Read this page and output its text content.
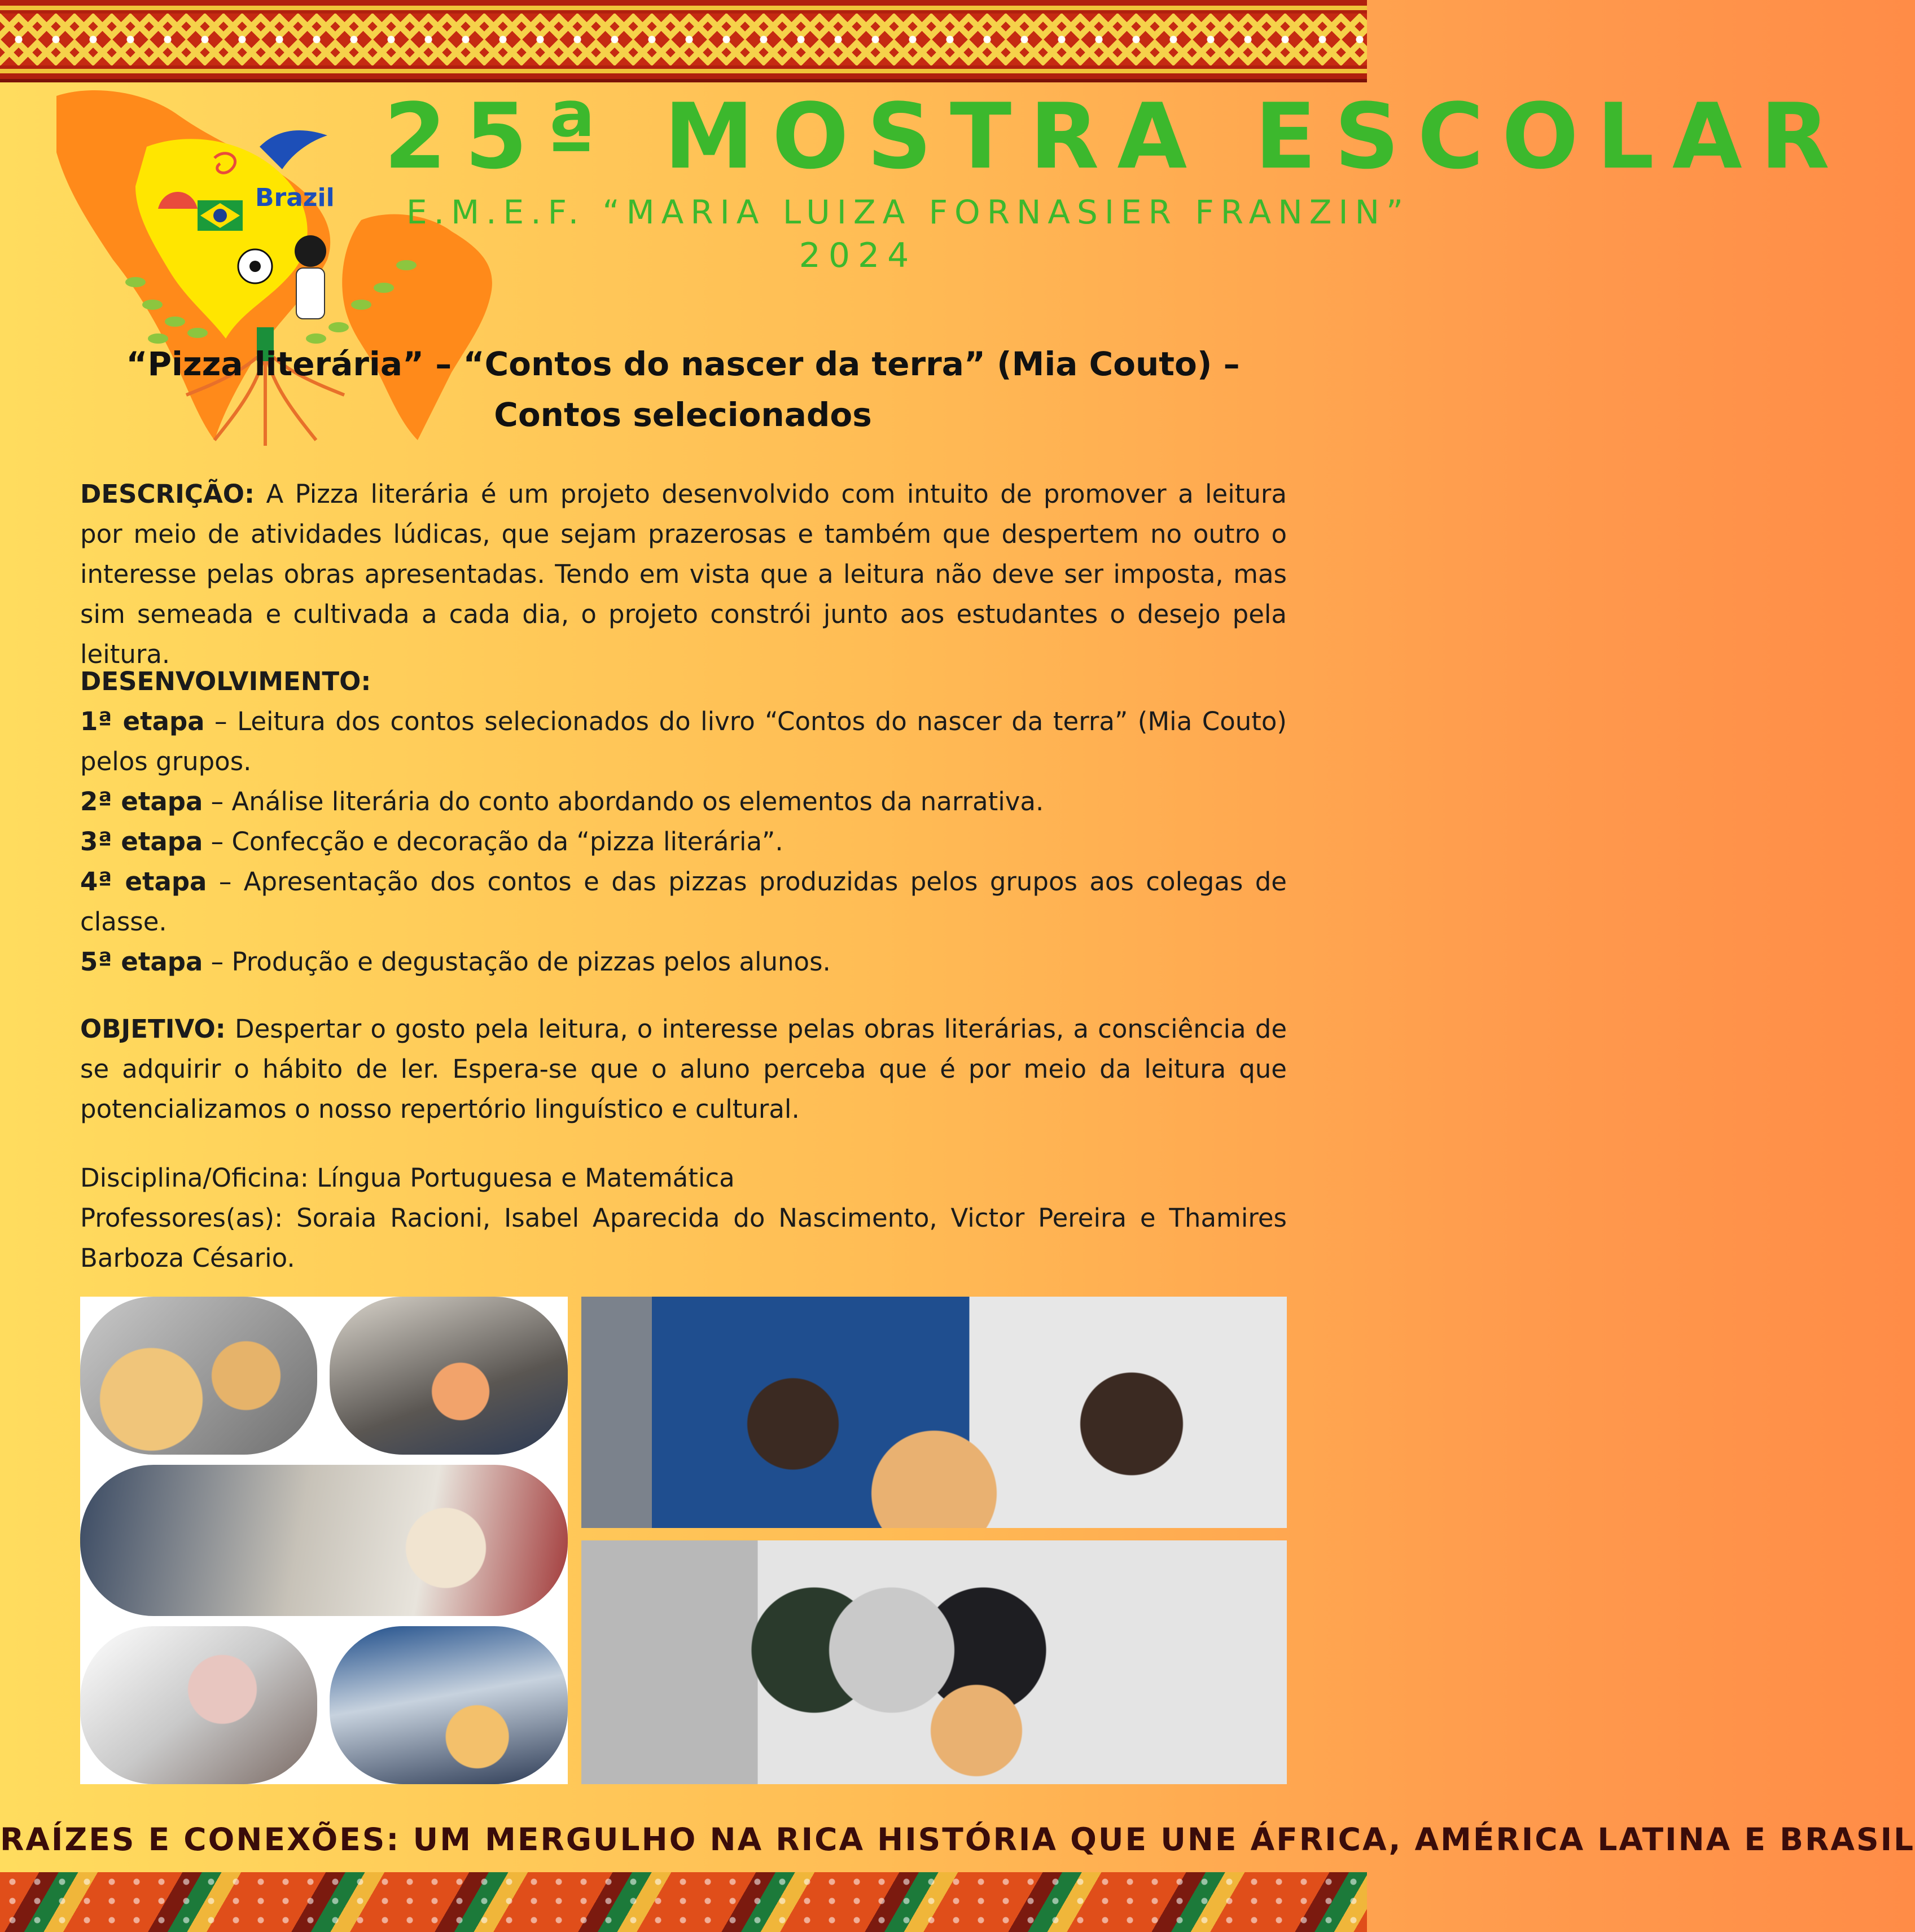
Brazil
25ª MOSTRA ESCOLAR
E.M.E.F. “MARIA LUIZA FORNASIER FRANZIN”
2024
“Pizza literária” – “Contos do nascer da terra” (Mia Couto) – Contos selecionados
DESCRIÇÃO: A Pizza literária é um projeto desenvolvido com intuito de promover a leitura por meio de atividades lúdicas, que sejam prazerosas e também que despertem no outro o interesse pelas obras apresentadas. Tendo em vista que a leitura não deve ser imposta, mas sim semeada e cultivada a cada dia, o projeto constrói junto aos estudantes o desejo pela leitura.
DESENVOLVIMENTO:
1ª etapa – Leitura dos contos selecionados do livro “Contos do nascer da terra” (Mia Couto) pelos grupos.
2ª etapa – Análise literária do conto abordando os elementos da narrativa.
3ª etapa – Confecção e decoração da “pizza literária”.
4ª etapa – Apresentação dos contos e das pizzas produzidas pelos grupos aos colegas de classe.
5ª etapa – Produção e degustação de pizzas pelos alunos.
OBJETIVO: Despertar o gosto pela leitura, o interesse pelas obras literárias, a consciência de se adquirir o hábito de ler. Espera-se que o aluno perceba que é por meio da leitura que potencializamos o nosso repertório linguístico e cultural.
Disciplina/Oficina: Língua Portuguesa e Matemática
Professores(as): Soraia Racioni, Isabel Aparecida do Nascimento, Victor Pereira e Thamires Barboza Césario.
RAÍZES E CONEXÕES: UM MERGULHO NA RICA HISTÓRIA QUE UNE ÁFRICA, AMÉRICA LATINA E BRASIL
